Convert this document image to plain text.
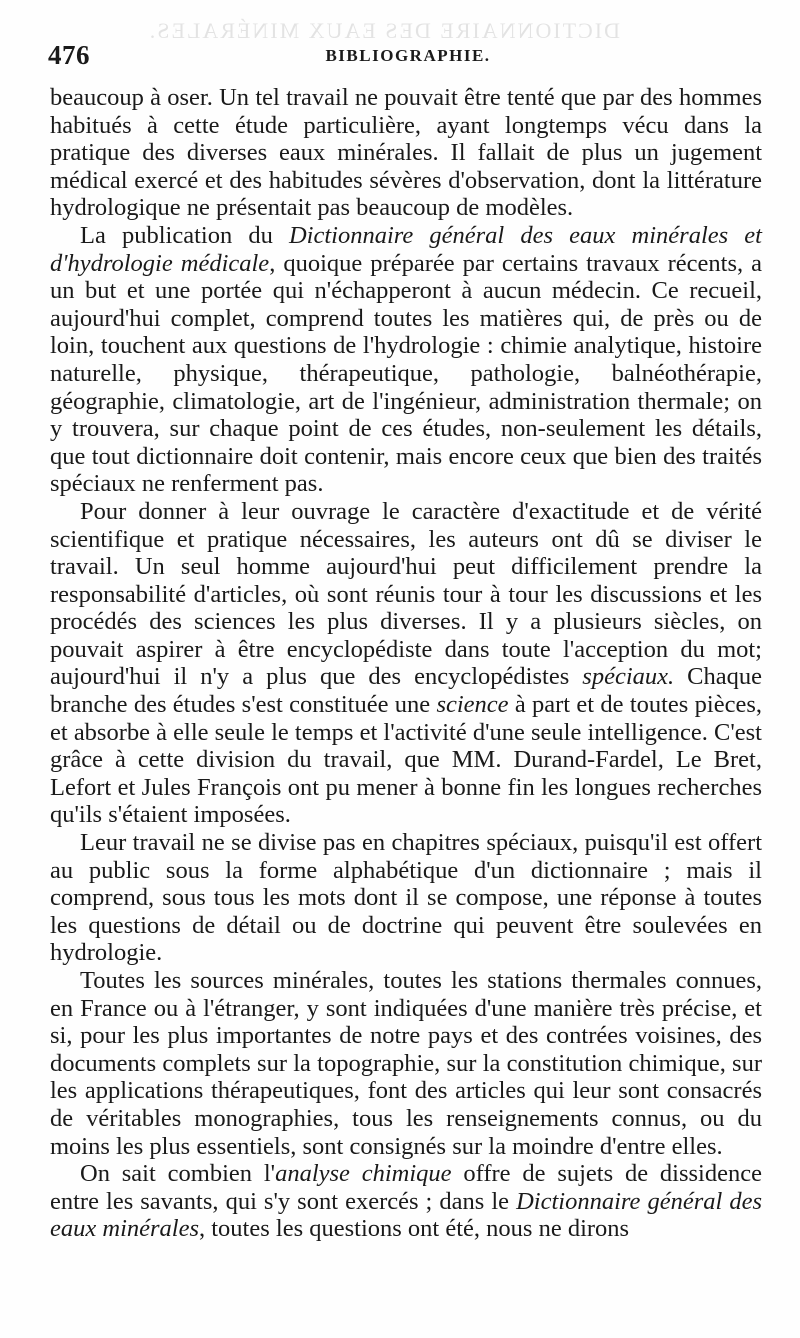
DICTIONNAIRE DES EAUX MINÉRALES.
476	BIBLIOGRAPHIE.

beaucoup à oser. Un tel travail ne pouvait être tenté que par des hommes habitués à cette étude particulière, ayant longtemps vécu dans la pratique des diverses eaux minérales. Il fallait de plus un jugement médical exercé et des habitudes sévères d'observation, dont la littérature hydrologique ne présentait pas beaucoup de modèles.

La publication du Dictionnaire général des eaux minérales et d'hydrologie médicale, quoique préparée par certains travaux récents, a un but et une portée qui n'échapperont à aucun médecin. Ce recueil, aujourd'hui complet, comprend toutes les matières qui, de près ou de loin, touchent aux questions de l'hydrologie : chimie analytique, histoire naturelle, physique, thérapeutique, pathologie, balnéothérapie, géographie, climatologie, art de l'ingénieur, administration thermale; on y trouvera, sur chaque point de ces études, non-seulement les détails, que tout dictionnaire doit contenir, mais encore ceux que bien des traités spéciaux ne renferment pas.

Pour donner à leur ouvrage le caractère d'exactitude et de vérité scientifique et pratique nécessaires, les auteurs ont dû se diviser le travail. Un seul homme aujourd'hui peut difficilement prendre la responsabilité d'articles, où sont réunis tour à tour les discussions et les procédés des sciences les plus diverses. Il y a plusieurs siècles, on pouvait aspirer à être encyclopédiste dans toute l'acception du mot; aujourd'hui il n'y a plus que des encyclopédistes spéciaux. Chaque branche des études s'est constituée une science à part et de toutes pièces, et absorbe à elle seule le temps et l'activité d'une seule intelligence. C'est grâce à cette division du travail, que MM. Durand-Fardel, Le Bret, Lefort et Jules François ont pu mener à bonne fin les longues recherches qu'ils s'étaient imposées.

Leur travail ne se divise pas en chapitres spéciaux, puisqu'il est offert au public sous la forme alphabétique d'un dictionnaire ; mais il comprend, sous tous les mots dont il se compose, une réponse à toutes les questions de détail ou de doctrine qui peuvent être soulevées en hydrologie.

Toutes les sources minérales, toutes les stations thermales connues, en France ou à l'étranger, y sont indiquées d'une manière très précise, et si, pour les plus importantes de notre pays et des contrées voisines, des documents complets sur la topographie, sur la constitution chimique, sur les applications thérapeutiques, font des articles qui leur sont consacrés de véritables monographies, tous les renseignements connus, ou du moins les plus essentiels, sont consignés sur la moindre d'entre elles.

On sait combien l'analyse chimique offre de sujets de dissidence entre les savants, qui s'y sont exercés ; dans le Dictionnaire général des eaux minérales, toutes les questions ont été, nous ne dirons
